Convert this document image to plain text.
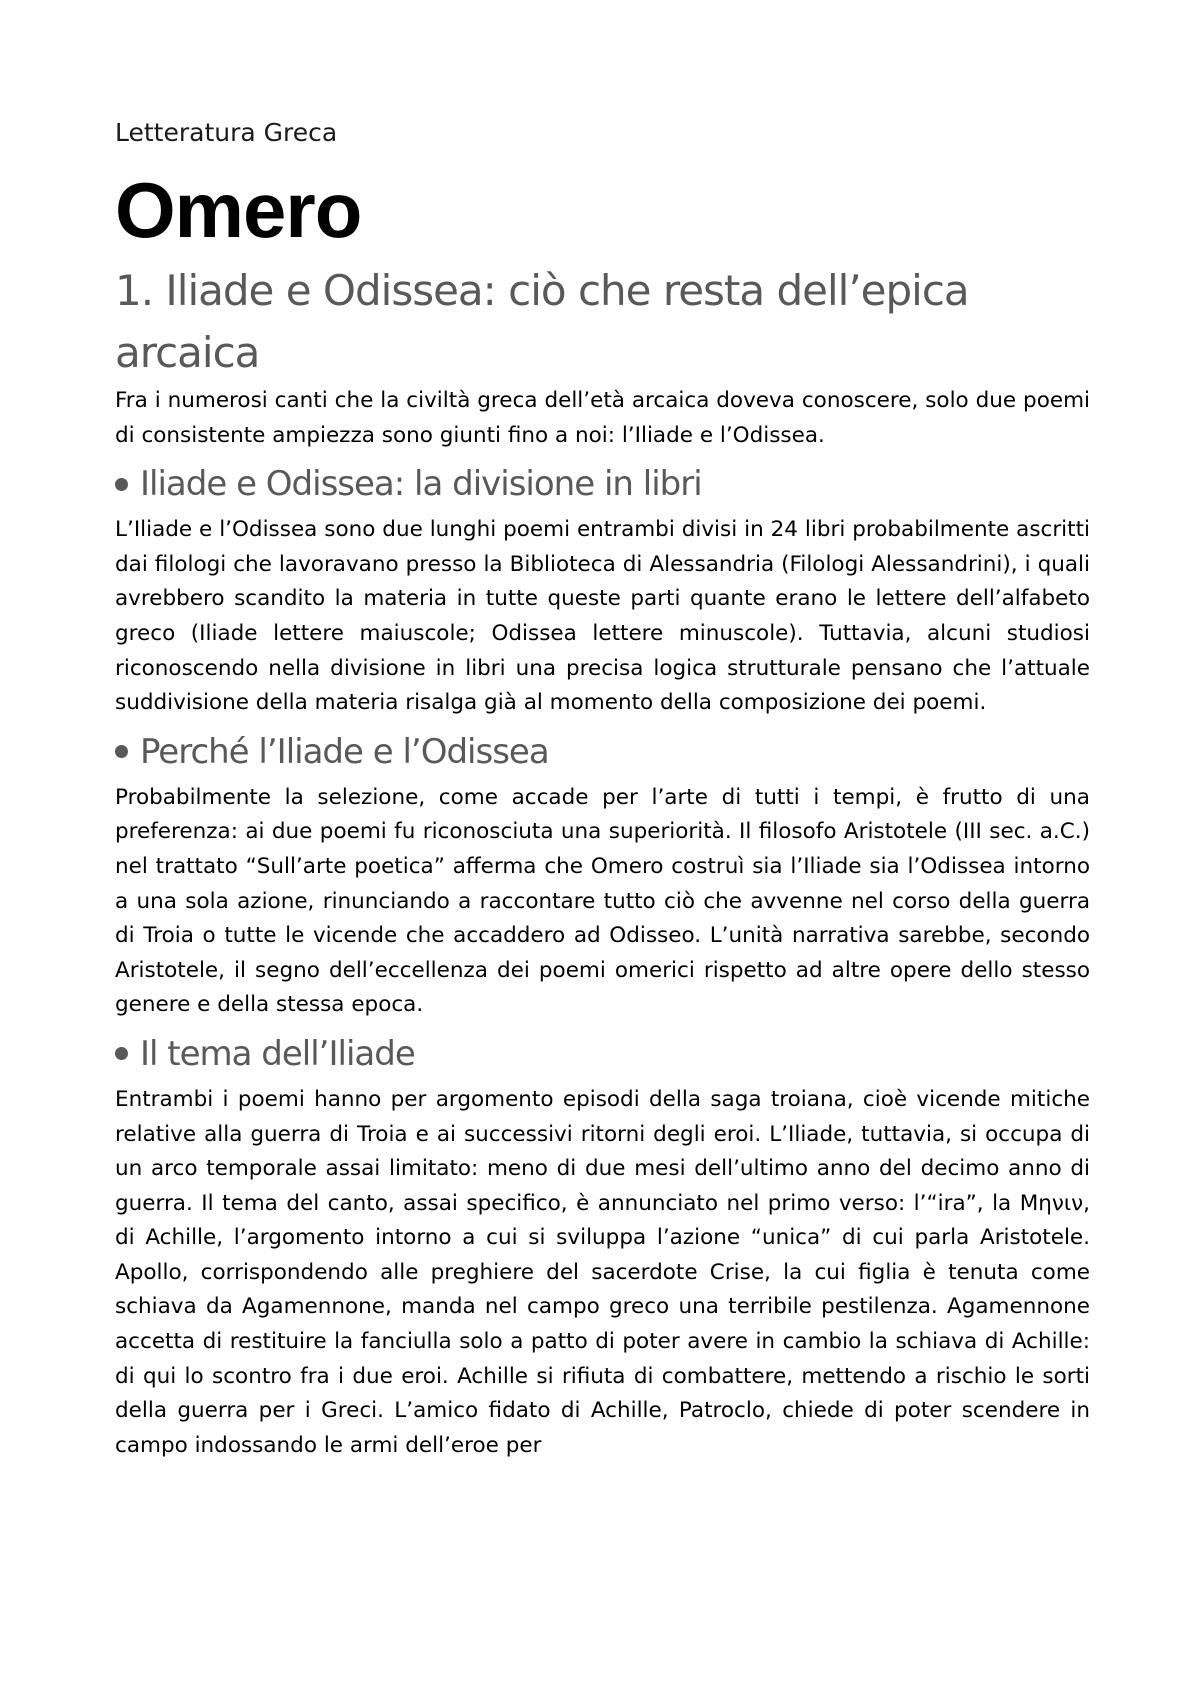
Letteratura Greca

Omero
1. Iliade e Odissea: ciò che resta dell’epica arcaica

Fra i numerosi canti che la civiltà greca dell’età arcaica doveva conoscere, solo due poemi di consistente ampiezza sono giunti fino a noi: l’Iliade e l’Odissea.

Iliade e Odissea: la divisione in libri

L’Iliade e l’Odissea sono due lunghi poemi entrambi divisi in 24 libri probabilmente ascritti dai filologi che lavoravano presso la Biblioteca di Alessandria (Filologi Alessandrini), i quali avrebbero scandito la materia in tutte queste parti quante erano le lettere dell’alfabeto greco (Iliade lettere maiuscole; Odissea lettere minuscole). Tuttavia, alcuni studiosi riconoscendo nella divisione in libri una precisa logica strutturale pensano che l’attuale suddivisione della materia risalga già al momento della composizione dei poemi.

Perché l’Iliade e l’Odissea

Probabilmente la selezione, come accade per l’arte di tutti i tempi, è frutto di una preferenza: ai due poemi fu riconosciuta una superiorità. Il filosofo Aristotele (III sec. a.C.) nel trattato “Sull’arte poetica” afferma che Omero costruì sia l’Iliade sia l’Odissea intorno a una sola azione, rinunciando a raccontare tutto ciò che avvenne nel corso della guerra di Troia o tutte le vicende che accaddero ad Odisseo. L’unità narrativa sarebbe, secondo Aristotele, il segno dell’eccellenza dei poemi omerici rispetto ad altre opere dello stesso genere e della stessa epoca.

Il tema dell’Iliade

Entrambi i poemi hanno per argomento episodi della saga troiana, cioè vicende mitiche relative alla guerra di Troia e ai successivi ritorni degli eroi. L’Iliade, tuttavia, si occupa di un arco temporale assai limitato: meno di due mesi dell’ultimo anno del decimo anno di guerra. Il tema del canto, assai specifico, è annunciato nel primo verso: l’“ira”, la Μηνιν, di Achille, l’argomento intorno a cui si sviluppa l’azione “unica” di cui parla Aristotele. Apollo, corrispondendo alle preghiere del sacerdote Crise, la cui figlia è tenuta come schiava da Agamennone, manda nel campo greco una terribile pestilenza. Agamennone accetta di restituire la fanciulla solo a patto di poter avere in cambio la schiava di Achille: di qui lo scontro fra i due eroi. Achille si rifiuta di combattere, mettendo a rischio le sorti della guerra per i Greci. L’amico fidato di Achille, Patroclo, chiede di poter scendere in campo indossando le armi dell’eroe per
